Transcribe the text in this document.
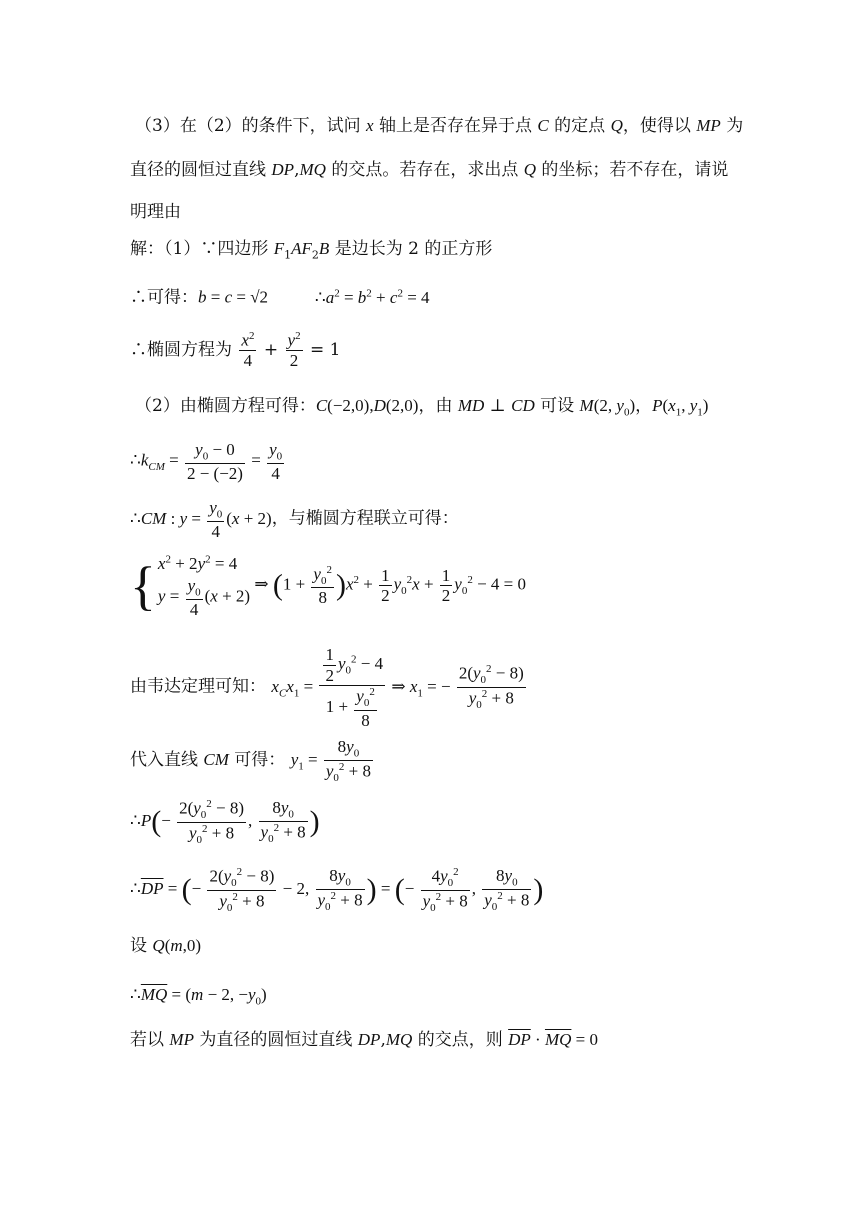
（3）在（2）的条件下，试问 x 轴上是否存在异于点 C 的定点 Q，使得以 MP 为
直径的圆恒过直线 DP,MQ 的交点。若存在，求出点 Q 的坐标；若不存在，请说
明理由
解：（1）∵四边形 $F_1AF_2B$ 是边长为 2 的正方形
∴可得：b = c = √2	$\therefore a^2 = b^2 + c^2 = 4$
∴椭圆方程为 $\frac{x^2}{4} + \frac{y^2}{2} = 1$
（2）由椭圆方程可得：C(−2,0),D(2,0)，由 MD ⊥ CD 可设 M(2, $y_0$)，$P(x_1$, $y_1$)
$\therefore k_{CM} = \frac{y_0 - 0}{2 - (-2)} = \frac{y_0}{4}$
∴CM : $y = \frac{y_0}{4} (x + 2)$，与椭圆方程联立可得：
{ $x^2 + 2y^2 = 4$
$y = \frac{y_0}{4} (x + 2)$
⇒ $(1 + \frac{y_0^2}{8} )x^2 + \frac{1}{2} y_0^2x + \frac{1}{2} y_0^2 - 4 = 0$
由韦达定理可知： $x_Cx_1 = \frac{\frac{1}{2} y_0^2 - 4}{1 + \frac{y_0^2}{8}}$ ⇒ $x_1$ = − $\frac{2(y_0^2 - 8)}{y_0^2 + 8}$
代入直线 CM 可得： $y_1 = \frac{8y_0}{y_0^2 + 8}$
∴P(− $\frac{2(y_0^2 - 8)}{y_0^2 + 8}$ , $\frac{8y_0}{y_0^2 + 8}$ )
$\therefore\overline{DP}$ = (− $\frac{2(y_0^2 - 8)}{y_0^2 + 8} - 2$, $\frac{8y_0}{y_0^2 + 8}$ ) = (− $\frac{4y_0^2}{y_0^2 + 8}$ , $\frac{8y_0}{y_0^2 + 8}$ )
设 Q(m,0)
$\therefore\overline{MQ} = (m - 2$, $-y_0$)
若以 MP 为直径的圆恒过直线 DP,MQ 的交点，则 $\overline{DP} \cdot \overline{MQ} = 0$
